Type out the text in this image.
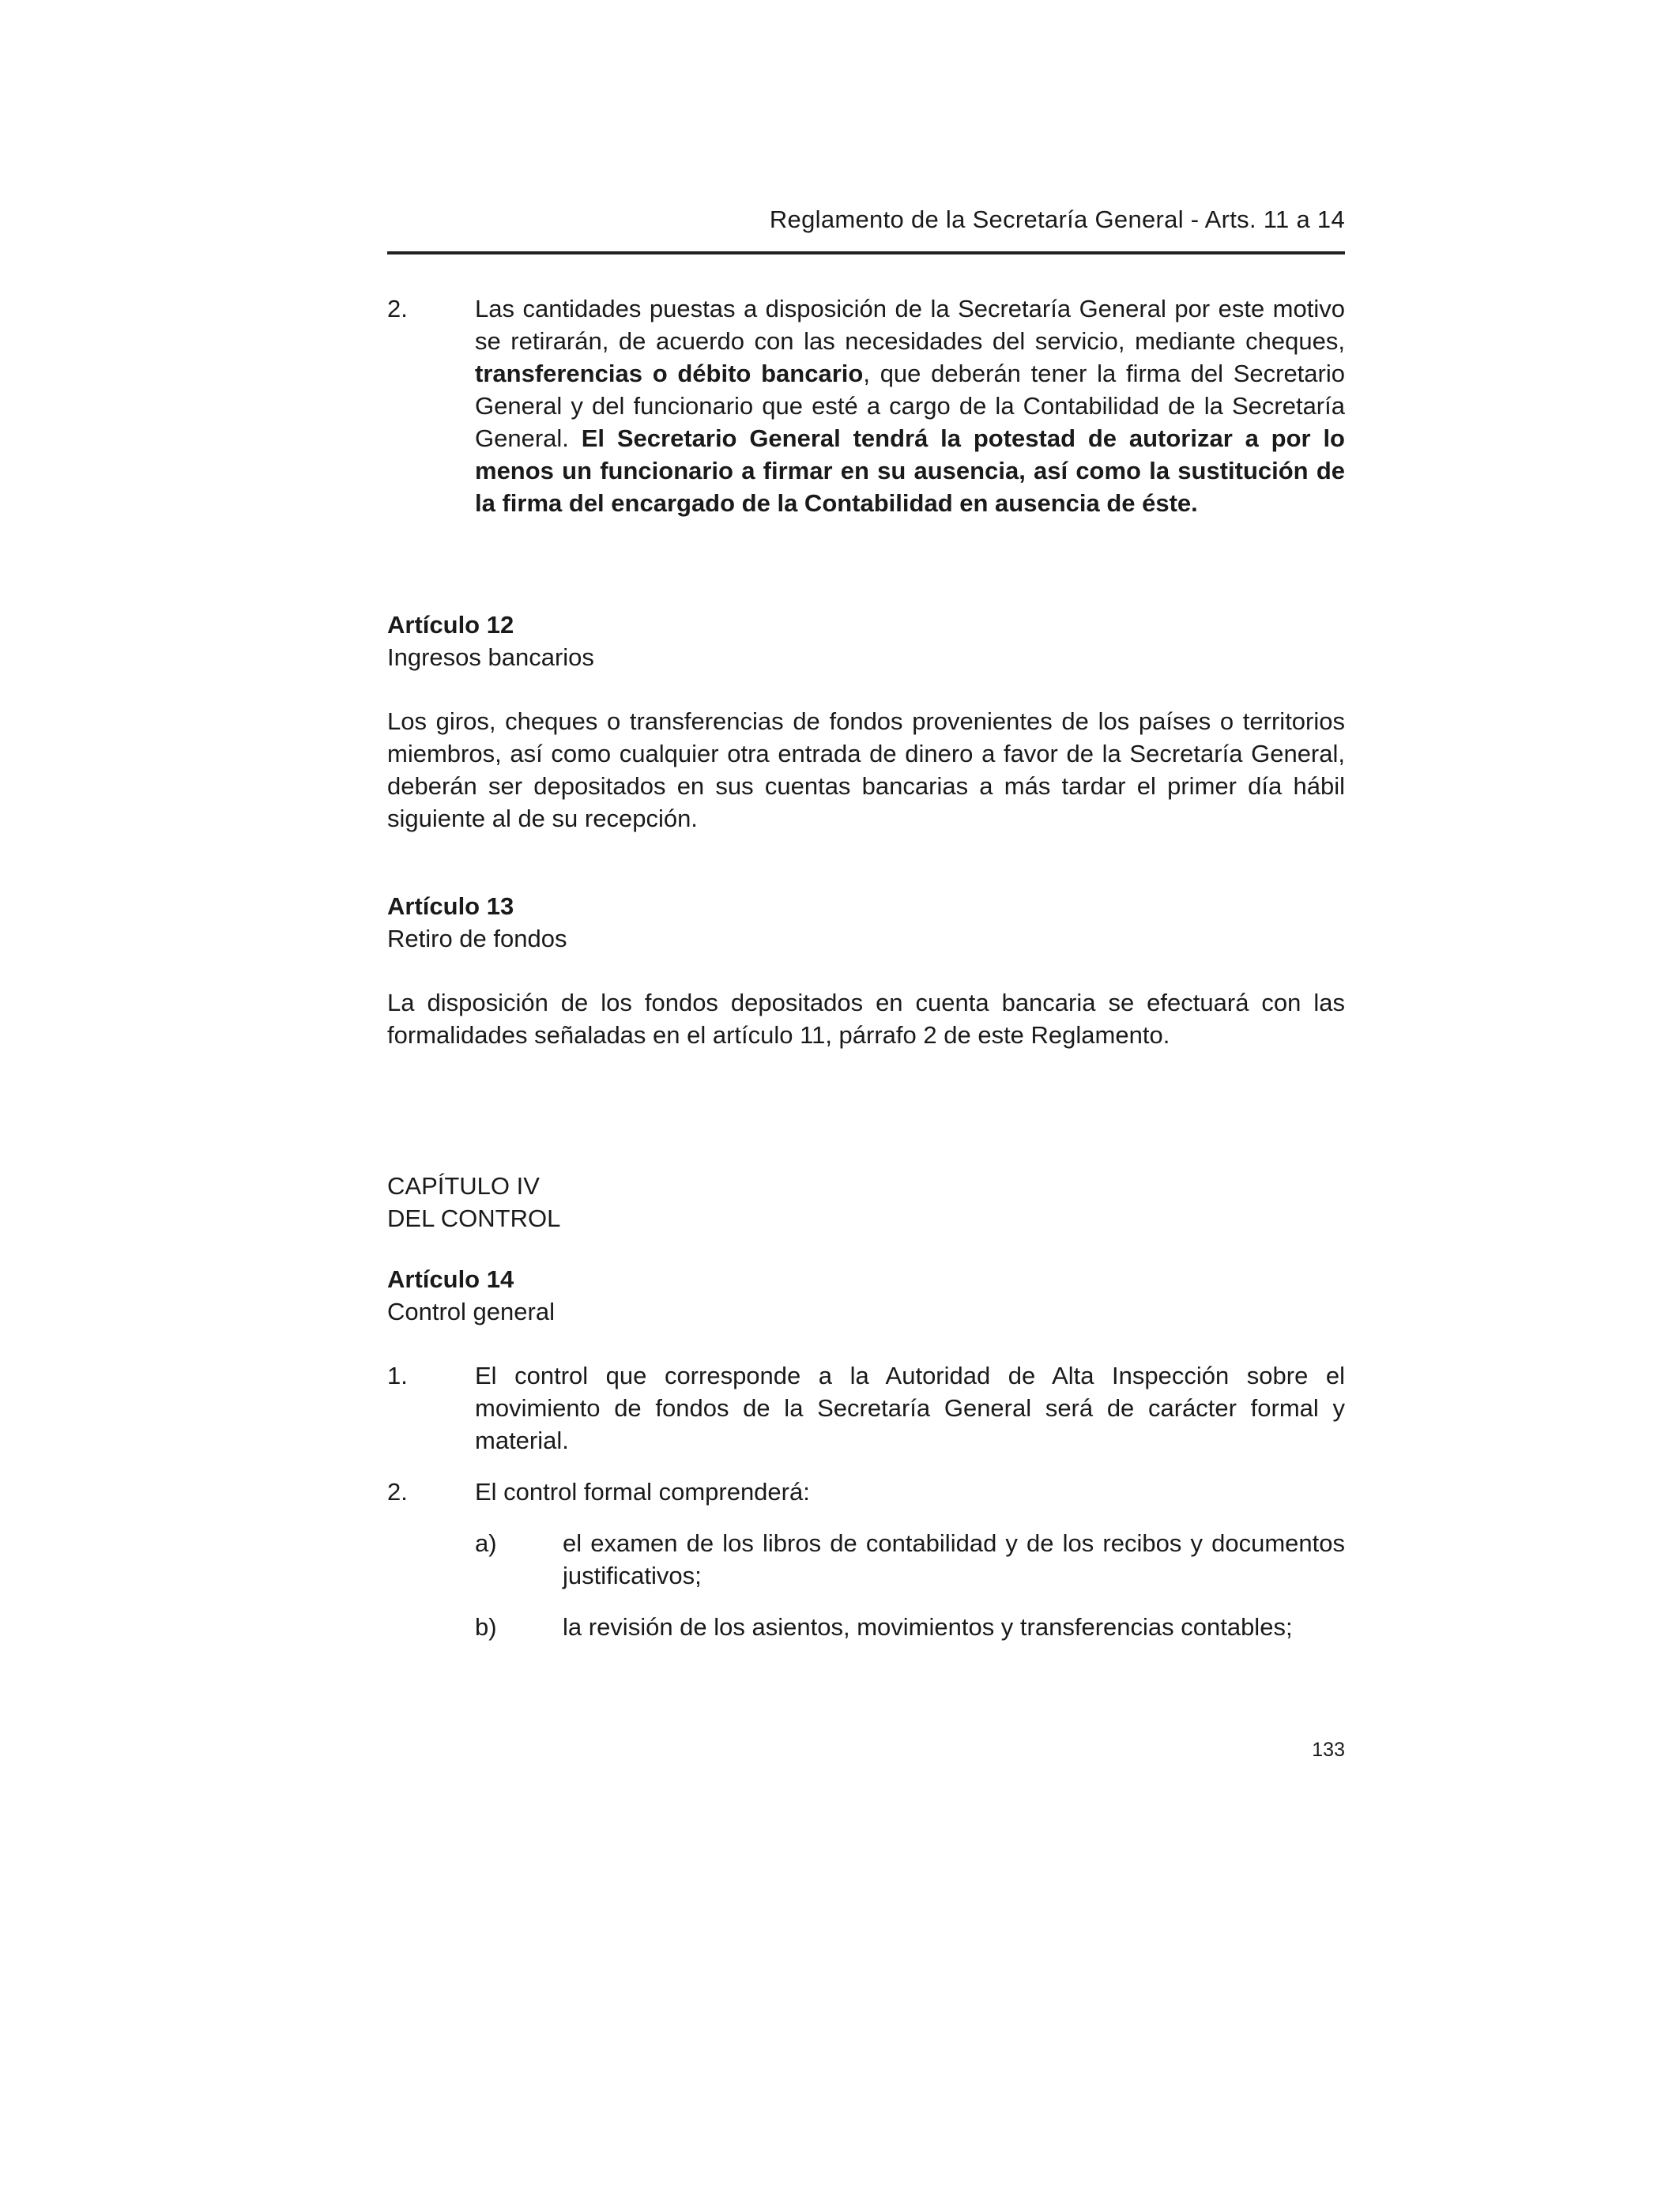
Reglamento de la Secretaría General - Arts. 11 a 14
2.	Las cantidades puestas a disposición de la Secretaría General por este motivo se retirarán, de acuerdo con las necesidades del servicio, mediante cheques, transferencias o débito bancario, que deberán tener la firma del Secretario General y del funcionario que esté a cargo de la Contabilidad de la Secretaría General. El Secretario General tendrá la potestad de autorizar a por lo menos un funcionario a firmar en su ausencia, así como la sustitución de la firma del encargado de la Contabilidad en ausencia de éste.
Artículo 12
Ingresos bancarios
Los giros, cheques o transferencias de fondos provenientes de los países o territorios miembros, así como cualquier otra entrada de dinero a favor de la Secretaría General, deberán ser depositados en sus cuentas bancarias a más tardar el primer día hábil siguiente al de su recepción.
Artículo 13
Retiro de fondos
La disposición de los fondos depositados en cuenta bancaria se efectuará con las formalidades señaladas en el artículo 11, párrafo 2 de este Reglamento.
CAPÍTULO IV
DEL CONTROL
Artículo 14
Control general
1.	El control que corresponde a la Autoridad de Alta Inspección sobre el movimiento de fondos de la Secretaría General será de carácter formal y material.
2.	El control formal comprenderá:
a)	el examen de los libros de contabilidad y de los recibos y documentos justificativos;
b)	la revisión de los asientos, movimientos y transferencias contables;
133
